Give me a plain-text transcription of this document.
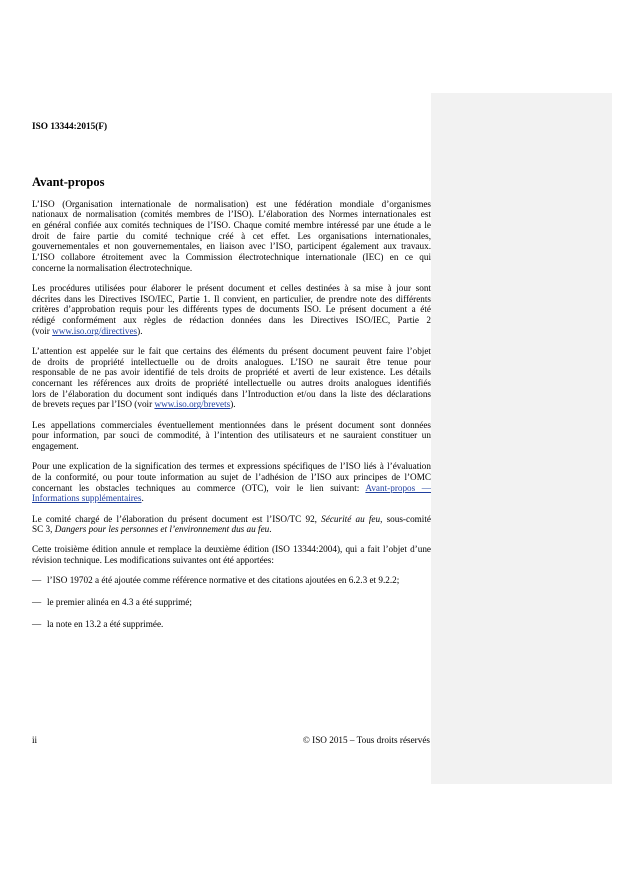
ISO 13344:2015(F)
Avant-propos
L’ISO (Organisation internationale de normalisation) est une fédération mondiale d’organismes
nationaux de normalisation (comités membres de l’ISO). L’élaboration des Normes internationales est
en général confiée aux comités techniques de l’ISO. Chaque comité membre intéressé par une étude a le
droit de faire partie du comité technique créé à cet effet. Les organisations internationales,
gouvernementales et non gouvernementales, en liaison avec l’ISO, participent également aux travaux.
L’ISO collabore étroitement avec la Commission électrotechnique internationale (IEC) en ce qui
concerne la normalisation électrotechnique.
Les procédures utilisées pour élaborer le présent document et celles destinées à sa mise à jour sont
décrites dans les Directives ISO/IEC, Partie 1. Il convient, en particulier, de prendre note des différents
critères d’approbation requis pour les différents types de documents ISO. Le présent document a été
rédigé conformément aux règles de rédaction données dans les Directives ISO/IEC, Partie 2
(voir www.iso.org/directives).
L’attention est appelée sur le fait que certains des éléments du présent document peuvent faire l’objet
de droits de propriété intellectuelle ou de droits analogues. L’ISO ne saurait être tenue pour
responsable de ne pas avoir identifié de tels droits de propriété et averti de leur existence. Les détails
concernant les références aux droits de propriété intellectuelle ou autres droits analogues identifiés
lors de l’élaboration du document sont indiqués dans l’Introduction et/ou dans la liste des déclarations
de brevets reçues par l’ISO (voir www.iso.org/brevets).
Les appellations commerciales éventuellement mentionnées dans le présent document sont données
pour information, par souci de commodité, à l’intention des utilisateurs et ne sauraient constituer un
engagement.
Pour une explication de la signification des termes et expressions spécifiques de l’ISO liés à l’évaluation
de la conformité, ou pour toute information au sujet de l’adhésion de l’ISO aux principes de l’OMC
concernant les obstacles techniques au commerce (OTC), voir le lien suivant: Avant-propos —
Informations supplémentaires.
Le comité chargé de l’élaboration du présent document est l’ISO/TC 92, Sécurité au feu, sous-comité
SC 3, Dangers pour les personnes et l’environnement dus au feu.
Cette troisième édition annule et remplace la deuxième édition (ISO 13344:2004), qui a fait l’objet d’une
révision technique. Les modifications suivantes ont été apportées:
— l’ISO 19702 a été ajoutée comme référence normative et des citations ajoutées en 6.2.3 et 9.2.2;
— le premier alinéa en 4.3 a été supprimé;
— la note en 13.2 a été supprimée.
ii	© ISO 2015 – Tous droits réservés
